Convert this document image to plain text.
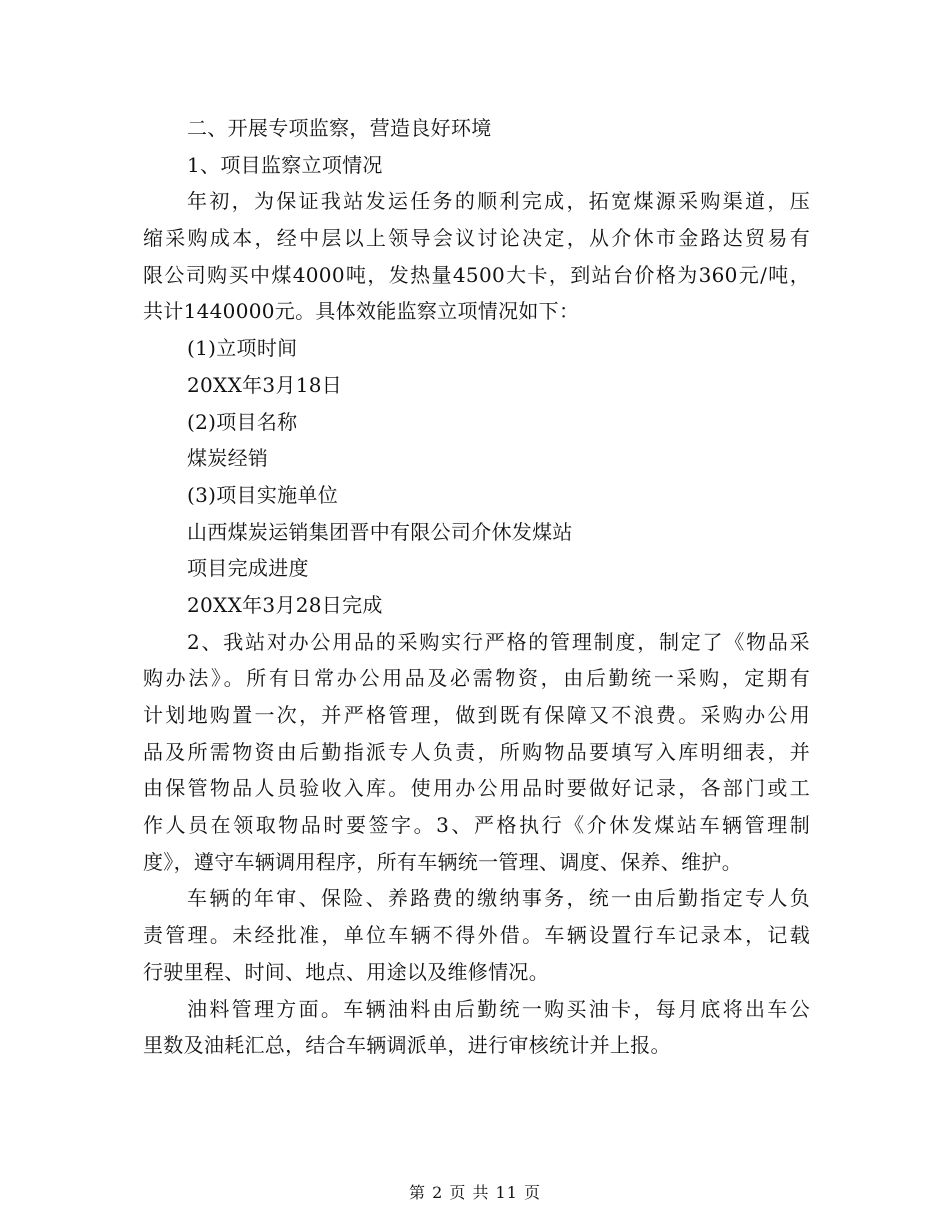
二、开展专项监察，营造良好环境

1、项目监察立项情况

年初，为保证我站发运任务的顺利完成，拓宽煤源采购渠道，压

缩采购成本，经中层以上领导会议讨论决定，从介休市金路达贸易有

限公司购买中煤4000吨，发热量4500大卡，到站台价格为360元/吨，

共计1440000元。具体效能监察立项情况如下：

(1)立项时间

20XX年3月18日

(2)项目名称

煤炭经销

(3)项目实施单位

山西煤炭运销集团晋中有限公司介休发煤站

项目完成进度

20XX年3月28日完成

2、我站对办公用品的采购实行严格的管理制度，制定了《物品采

购办法》。所有日常办公用品及必需物资，由后勤统一采购，定期有

计划地购置一次，并严格管理，做到既有保障又不浪费。采购办公用

品及所需物资由后勤指派专人负责，所购物品要填写入库明细表，并

由保管物品人员验收入库。使用办公用品时要做好记录，各部门或工

作人员在领取物品时要签字。3、严格执行《介休发煤站车辆管理制

度》，遵守车辆调用程序，所有车辆统一管理、调度、保养、维护。

车辆的年审、保险、养路费的缴纳事务，统一由后勤指定专人负

责管理。未经批准，单位车辆不得外借。车辆设置行车记录本，记载

行驶里程、时间、地点、用途以及维修情况。

油料管理方面。车辆油料由后勤统一购买油卡，每月底将出车公

里数及油耗汇总，结合车辆调派单，进行审核统计并上报。

第 2 页 共 11 页
